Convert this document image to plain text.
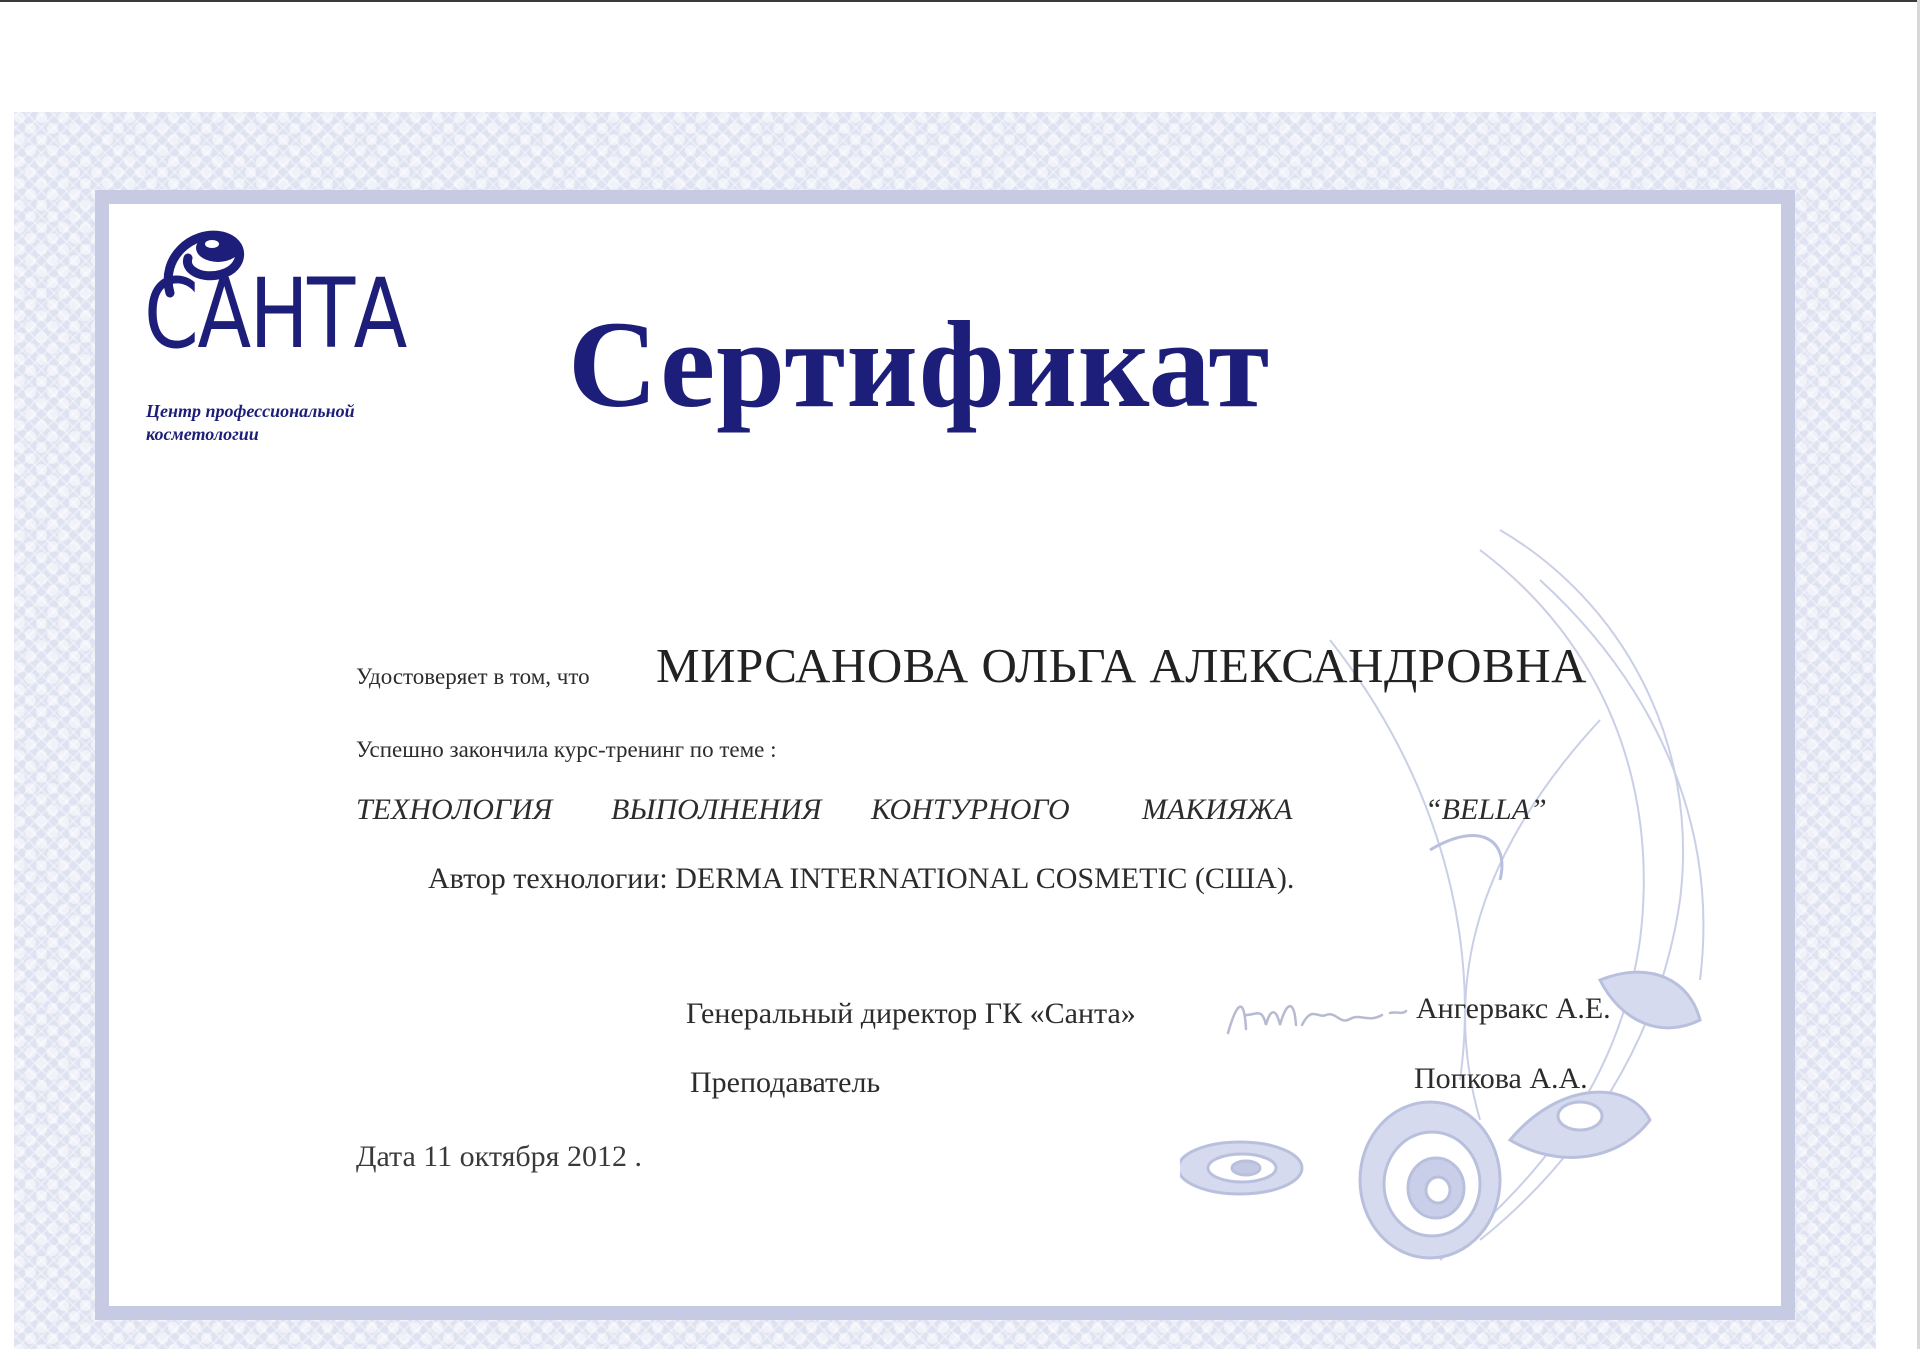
CАНТА
Центр профессиональной
косметологии
Сертификат
Удостоверяет в том, что МИРСАНОВА ОЛЬГА АЛЕКСАНДРОВНА
Успешно закончила курс-тренинг по теме :
ТЕХНОЛОГИЯ ВЫПОЛНЕНИЯ КОНТУРНОГО МАКИЯЖА	“BELLA”
Автор технологии: DERMA INTERNATIONAL COSMETIC (США).
Генеральный директор ГК «Санта»	Ангервакс А.Е.
Преподаватель	Попкова А.А.
Дата 11 октября 2012 .
